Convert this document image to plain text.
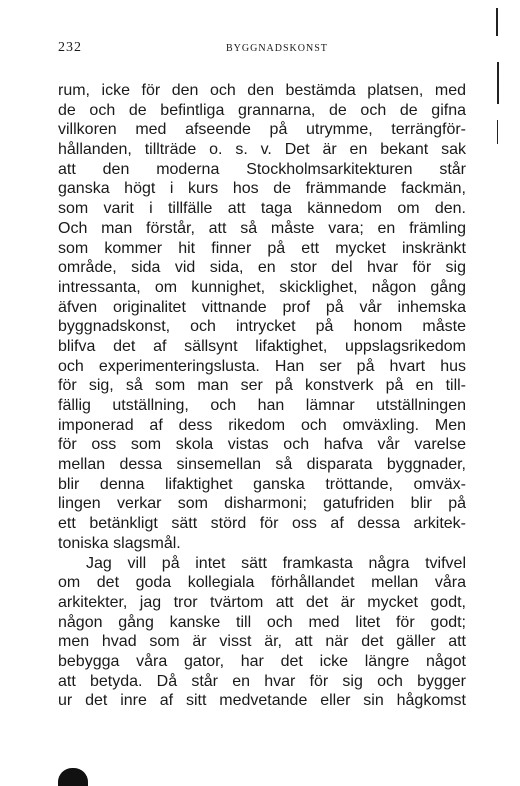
232	BYGGNADSKONST
rum, icke för den och den bestämda platsen, med
de och de befintliga grannarna, de och de gifna
villkoren med afseende på utrymme, terrängför-
hållanden, tillträde o. s. v. Det är en bekant sak
att den moderna Stockholmsarkitekturen står
ganska högt i kurs hos de främmande fackmän,
som varit i tillfälle att taga kännedom om den.
Och man förstår, att så måste vara; en främling
som kommer hit finner på ett mycket inskränkt
område, sida vid sida, en stor del hvar för sig
intressanta, om kunnighet, skicklighet, någon gång
äfven originalitet vittnande prof på vår inhemska
byggnadskonst, och intrycket på honom måste
blifva det af sällsynt lifaktighet, uppslagsrikedom
och experimenteringslusta. Han ser på hvart hus
för sig, så som man ser på konstverk på en till-
fällig utställning, och han lämnar utställningen
imponerad af dess rikedom och omväxling. Men
för oss som skola vistas och hafva vår varelse
mellan dessa sinsemellan så disparata byggnader,
blir denna lifaktighet ganska tröttande, omväx-
lingen verkar som disharmoni; gatufriden blir på
ett betänkligt sätt störd för oss af dessa arkitek-
toniska slagsmål.
Jag vill på intet sätt framkasta några tvifvel
om det goda kollegiala förhållandet mellan våra
arkitekter, jag tror tvärtom att det är mycket godt,
någon gång kanske till och med litet för godt;
men hvad som är visst är, att när det gäller att
bebygga våra gator, har det icke längre något
att betyda. Då står en hvar för sig och bygger
ur det inre af sitt medvetande eller sin hågkomst
